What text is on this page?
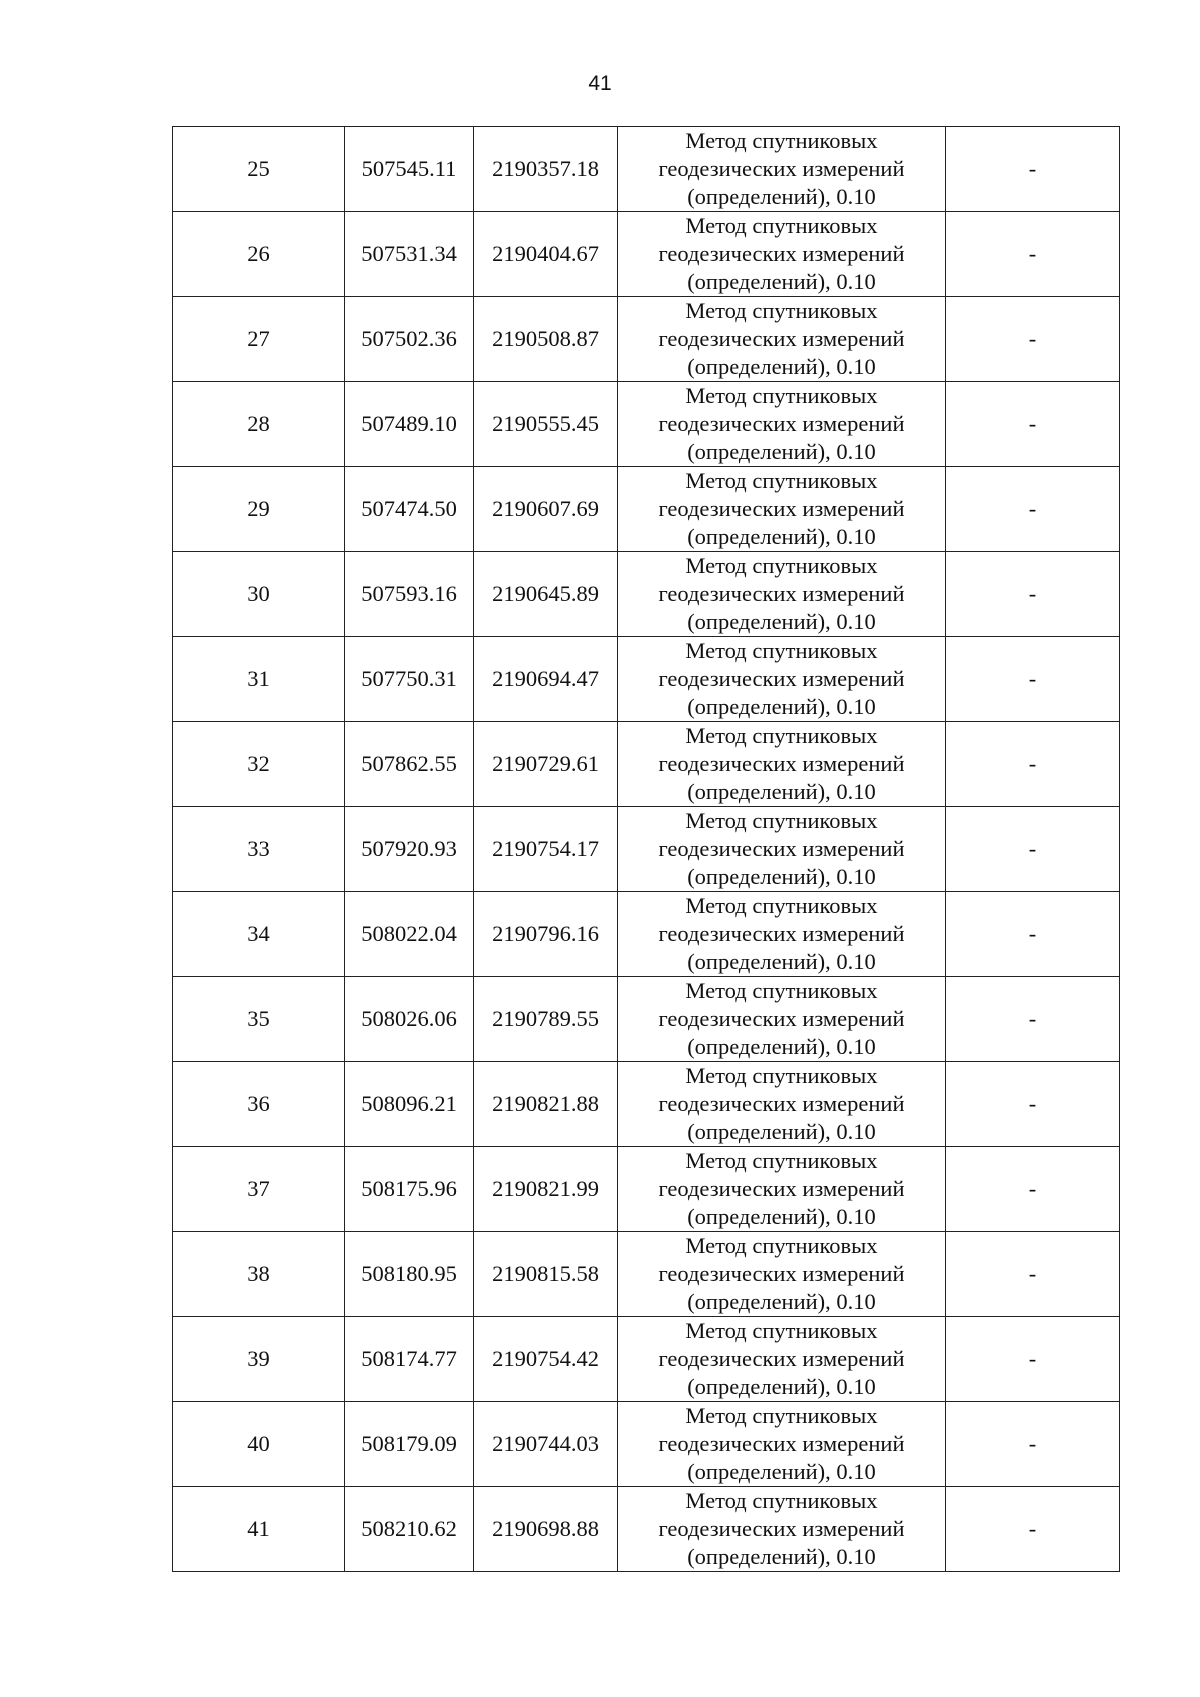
41
25	507545.11	2190357.18	Метод спутниковых геодезических измерений (определений), 0.10	-
26	507531.34	2190404.67	Метод спутниковых геодезических измерений (определений), 0.10	-
27	507502.36	2190508.87	Метод спутниковых геодезических измерений (определений), 0.10	-
28	507489.10	2190555.45	Метод спутниковых геодезических измерений (определений), 0.10	-
29	507474.50	2190607.69	Метод спутниковых геодезических измерений (определений), 0.10	-
30	507593.16	2190645.89	Метод спутниковых геодезических измерений (определений), 0.10	-
31	507750.31	2190694.47	Метод спутниковых геодезических измерений (определений), 0.10	-
32	507862.55	2190729.61	Метод спутниковых геодезических измерений (определений), 0.10	-
33	507920.93	2190754.17	Метод спутниковых геодезических измерений (определений), 0.10	-
34	508022.04	2190796.16	Метод спутниковых геодезических измерений (определений), 0.10	-
35	508026.06	2190789.55	Метод спутниковых геодезических измерений (определений), 0.10	-
36	508096.21	2190821.88	Метод спутниковых геодезических измерений (определений), 0.10	-
37	508175.96	2190821.99	Метод спутниковых геодезических измерений (определений), 0.10	-
38	508180.95	2190815.58	Метод спутниковых геодезических измерений (определений), 0.10	-
39	508174.77	2190754.42	Метод спутниковых геодезических измерений (определений), 0.10	-
40	508179.09	2190744.03	Метод спутниковых геодезических измерений (определений), 0.10	-
41	508210.62	2190698.88	Метод спутниковых геодезических измерений (определений), 0.10	-
